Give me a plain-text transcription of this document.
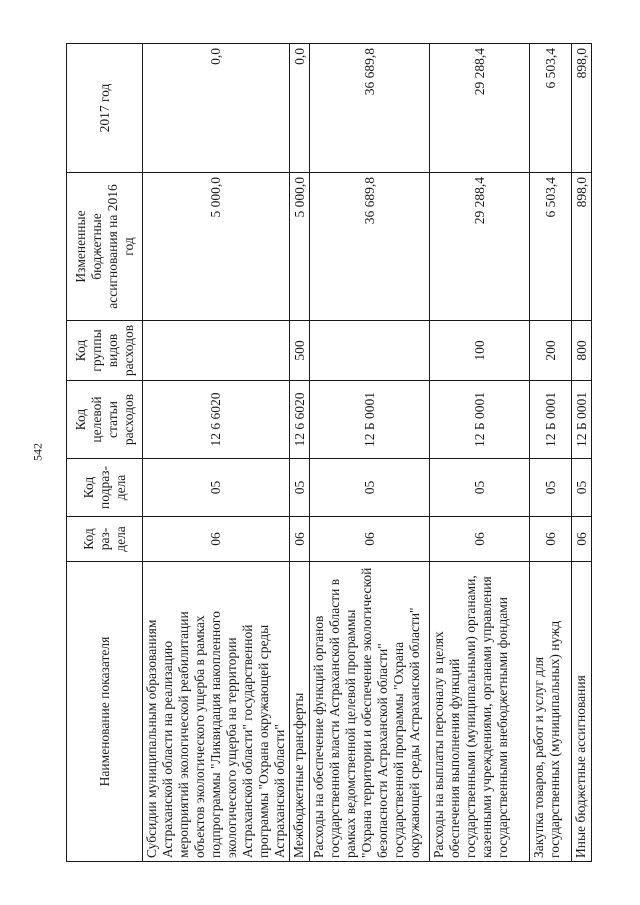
542
Наименование показателя	Код раз-дела	Код подраз-дела	Код целевой статьи расходов	Код группы видов расходов	Измененные бюджетные ассигнования на 2016 год	2017 год
Субсидии муниципальным образованиям Астраханской области на реализацию мероприятий экологической реабилитации объектов экологического ущерба в рамках подпрограммы "Ликвидация накопленного экологического ущерба на территории Астраханской области" государственной программы "Охрана окружающей среды Астраханской области"	06	05	12 6 6020		5 000,0	0,0
Межбюджетные трансферты	06	05	12 6 6020	500	5 000,0	0,0
Расходы на обеспечение функций органов государственной власти Астраханской области в рамках ведомственной целевой программы "Охрана территории и обеспечение экологической безопасности Астраханской области" государственной программы "Охрана окружающей среды Астраханской области"	06	05	12 Б 0001		36 689,8	36 689,8
Расходы на выплаты персоналу в целях обеспечения выполнения функций государственными (муниципальными) органами, казенными учреждениями, органами управления государственными внебюджетными фондами	06	05	12 Б 0001	100	29 288,4	29 288,4
Закупка товаров, работ и услуг для государственных (муниципальных) нужд	06	05	12 Б 0001	200	6 503,4	6 503,4
Иные бюджетные ассигнования	06	05	12 Б 0001	800	898,0	898,0
